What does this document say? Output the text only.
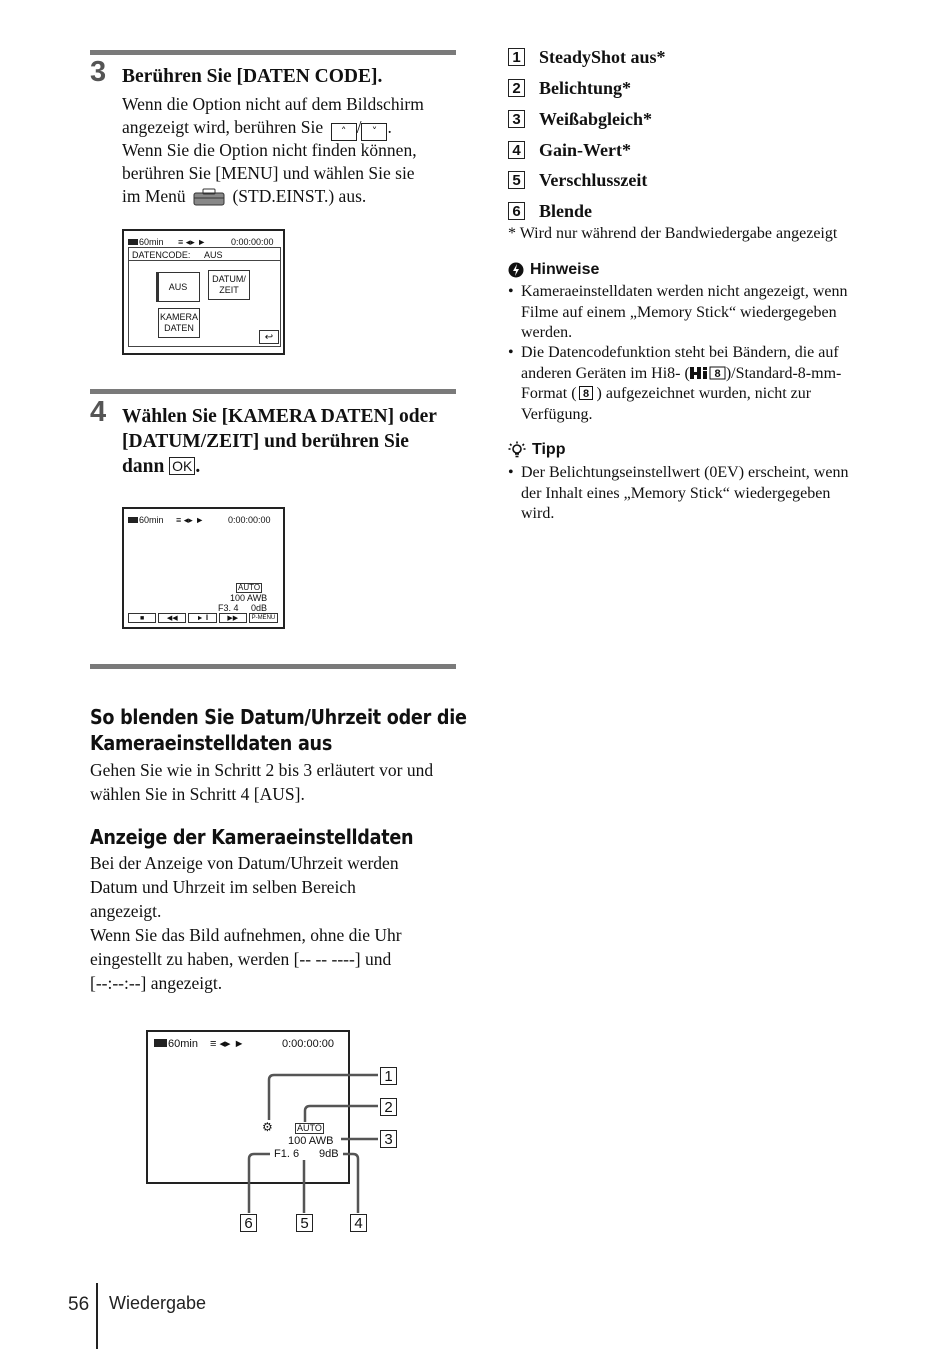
3 Berühren Sie [DATEN CODE].
Wenn die Option nicht auf dem Bildschirm
angezeigt wird, berühren Sie ˄ / ˅ .
Wenn Sie die Option nicht finden können,
berühren Sie [MENU] und wählen Sie sie
im Menü	(STD.EINST.) aus.
60min ≡ ◂▸ ►	0:00:00:00
DATENCODE: AUS
AUS
DATUM/
ZEIT
KAMERA
DATEN
↩
4 Wählen Sie [KAMERA DATEN] oder
[DATUM/ZEIT] und berühren Sie
dann OK .
60min ≡ ◂▸ ►	0:00:00:00
AUTO
100 AWB
F3. 4     0dB
■	◀◀	► ‖	▶▶	P-MENU
So blenden Sie Datum/Uhrzeit oder die
Kameraeinstelldaten aus
Gehen Sie wie in Schritt 2 bis 3 erläutert vor und
wählen Sie in Schritt 4 [AUS].
Anzeige der Kameraeinstelldaten
Bei der Anzeige von Datum/Uhrzeit werden
Datum und Uhrzeit im selben Bereich
angezeigt.
Wenn Sie das Bild aufnehmen, ohne die Uhr
eingestellt zu haben, werden [-- -- ----] und
[--:--:--] angezeigt.
60min ≡ ◂▸ ►	0:00:00:00
⚙	AUTO
100 AWB
F1. 6 9dB
1
2
3
4
5
6
1 SteadyShot aus*
2 Belichtung*
3 Weißabgleich*
4 Gain-Wert*
5 Verschlusszeit
6 Blende
* Wird nur während der Bandwiedergabe angezeigt
Hinweise
• Kameraeinstelldaten werden nicht angezeigt, wenn
Filme auf einem „Memory Stick“ wiedergegeben
werden.
• Die Datencodefunktion steht bei Bändern, die auf
anderen Geräten im Hi8- ( 8 )/Standard-8-mm-
Format ( 8 ) aufgezeichnet wurden, nicht zur
Verfügung.
Tipp
• Der Belichtungseinstellwert (0EV) erscheint, wenn
der Inhalt eines „Memory Stick“ wiedergegeben
wird.
56 Wiedergabe
